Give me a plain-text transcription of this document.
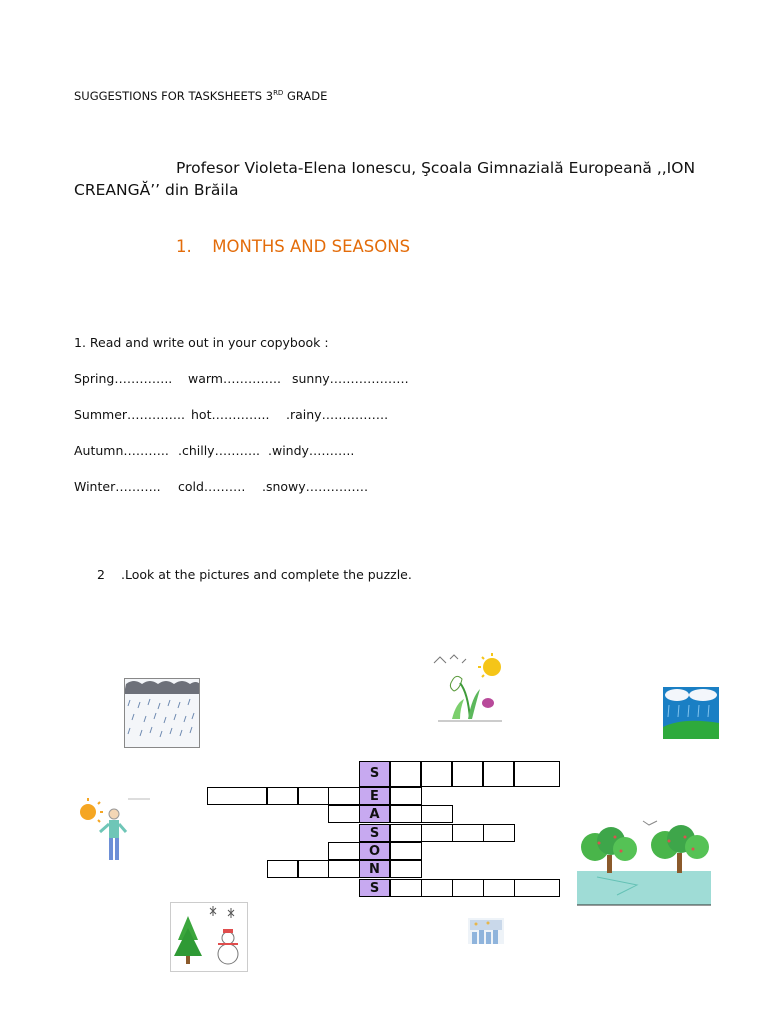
SUGGESTIONS FOR TASKSHEETS 3RD GRADE
Profesor Violeta-Elena Ionescu, Şcoala Gimnazială Europeană ,,ION
CREANGĂ’’ din Brăila
1. MONTHS AND SEASONS
1. Read and write out in your copybook :
Spring………….. warm………….. sunny……………….
Summer………….. hot………….. .rainy…………….
Autumn……….. .chilly……….. .windy………..
Winter……….. cold………. .snowy……………
2 .Look at the pictures and complete the puzzle.
S
E
A
S
O
N
S
